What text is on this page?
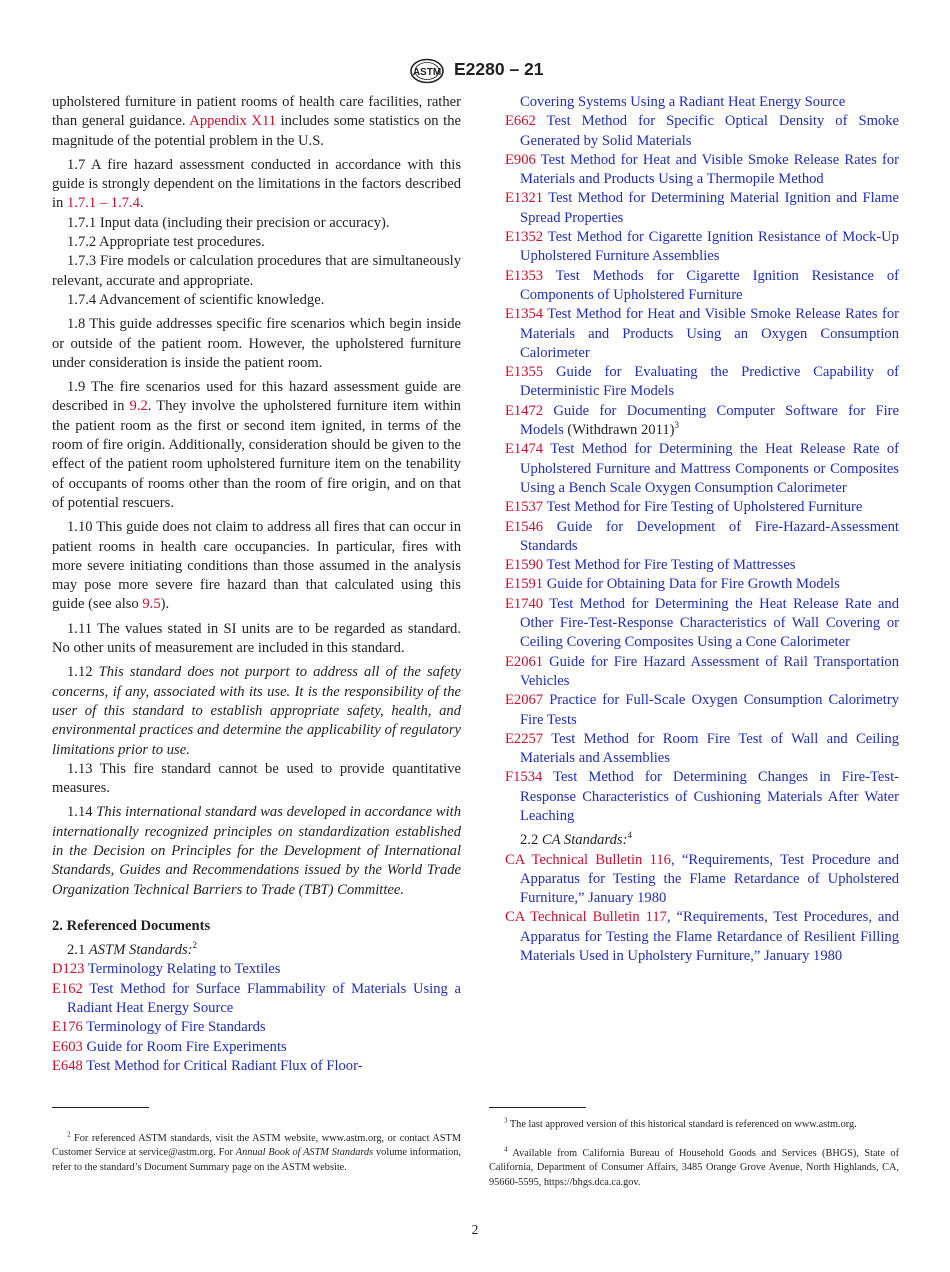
ASTM E2280 – 21

upholstered furniture in patient rooms of health care facilities, rather than general guidance. Appendix X11 includes some statistics on the magnitude of the potential problem in the U.S.

1.7 A fire hazard assessment conducted in accordance with this guide is strongly dependent on the limitations in the factors described in 1.7.1 – 1.7.4.

1.7.1 Input data (including their precision or accuracy).

1.7.2 Appropriate test procedures.

1.7.3 Fire models or calculation procedures that are simultaneously relevant, accurate and appropriate.

1.7.4 Advancement of scientific knowledge.

1.8 This guide addresses specific fire scenarios which begin inside or outside of the patient room. However, the upholstered furniture under consideration is inside the patient room.

1.9 The fire scenarios used for this hazard assessment guide are described in 9.2. They involve the upholstered furniture item within the patient room as the first or second item ignited, in terms of the room of fire origin. Additionally, consideration should be given to the effect of the patient room upholstered furniture item on the tenability of occupants of rooms other than the room of fire origin, and on that of potential rescuers.

1.10 This guide does not claim to address all fires that can occur in patient rooms in health care occupancies. In particular, fires with more severe initiating conditions than those assumed in the analysis may pose more severe fire hazard than that calculated using this guide (see also 9.5).

1.11 The values stated in SI units are to be regarded as standard. No other units of measurement are included in this standard.

1.12 This standard does not purport to address all of the safety concerns, if any, associated with its use. It is the responsibility of the user of this standard to establish appropriate safety, health, and environmental practices and determine the applicability of regulatory limitations prior to use.

1.13 This fire standard cannot be used to provide quantitative measures.

1.14 This international standard was developed in accordance with internationally recognized principles on standardization established in the Decision on Principles for the Development of International Standards, Guides and Recommendations issued by the World Trade Organization Technical Barriers to Trade (TBT) Committee.

2. Referenced Documents

2.1 ASTM Standards:$^2$

D123 Terminology Relating to Textiles

E162 Test Method for Surface Flammability of Materials Using a Radiant Heat Energy Source

E176 Terminology of Fire Standards

E603 Guide for Room Fire Experiments

E648 Test Method for Critical Radiant Flux of Floor-

Covering Systems Using a Radiant Heat Energy Source

E662 Test Method for Specific Optical Density of Smoke Generated by Solid Materials

E906 Test Method for Heat and Visible Smoke Release Rates for Materials and Products Using a Thermopile Method

E1321 Test Method for Determining Material Ignition and Flame Spread Properties

E1352 Test Method for Cigarette Ignition Resistance of Mock-Up Upholstered Furniture Assemblies

E1353 Test Methods for Cigarette Ignition Resistance of Components of Upholstered Furniture

E1354 Test Method for Heat and Visible Smoke Release Rates for Materials and Products Using an Oxygen Consumption Calorimeter

E1355 Guide for Evaluating the Predictive Capability of Deterministic Fire Models

E1472 Guide for Documenting Computer Software for Fire Models (Withdrawn 2011)$^3$

E1474 Test Method for Determining the Heat Release Rate of Upholstered Furniture and Mattress Components or Composites Using a Bench Scale Oxygen Consumption Calorimeter

E1537 Test Method for Fire Testing of Upholstered Furniture

E1546 Guide for Development of Fire-Hazard-Assessment Standards

E1590 Test Method for Fire Testing of Mattresses

E1591 Guide for Obtaining Data for Fire Growth Models

E1740 Test Method for Determining the Heat Release Rate and Other Fire-Test-Response Characteristics of Wall Covering or Ceiling Covering Composites Using a Cone Calorimeter

E2061 Guide for Fire Hazard Assessment of Rail Transportation Vehicles

E2067 Practice for Full-Scale Oxygen Consumption Calorimetry Fire Tests

E2257 Test Method for Room Fire Test of Wall and Ceiling Materials and Assemblies

F1534 Test Method for Determining Changes in Fire-Test-Response Characteristics of Cushioning Materials After Water Leaching

2.2 CA Standards:$^4$

CA Technical Bulletin 116, “Requirements, Test Procedure and Apparatus for Testing the Flame Retardance of Upholstered Furniture,” January 1980

CA Technical Bulletin 117, “Requirements, Test Procedures, and Apparatus for Testing the Flame Retardance of Resilient Filling Materials Used in Upholstery Furniture,” January 1980

$^2$ For referenced ASTM standards, visit the ASTM website, www.astm.org, or contact ASTM Customer Service at service@astm.org. For Annual Book of ASTM Standards volume information, refer to the standard’s Document Summary page on the ASTM website.
$^3$ The last approved version of this historical standard is referenced on www.astm.org.
$^4$ Available from California Bureau of Household Goods and Services (BHGS), State of California, Department of Consumer Affairs, 3485 Orange Grove Avenue, North Highlands, CA, 95660-5595, https://bhgs.dca.ca.gov.
2
